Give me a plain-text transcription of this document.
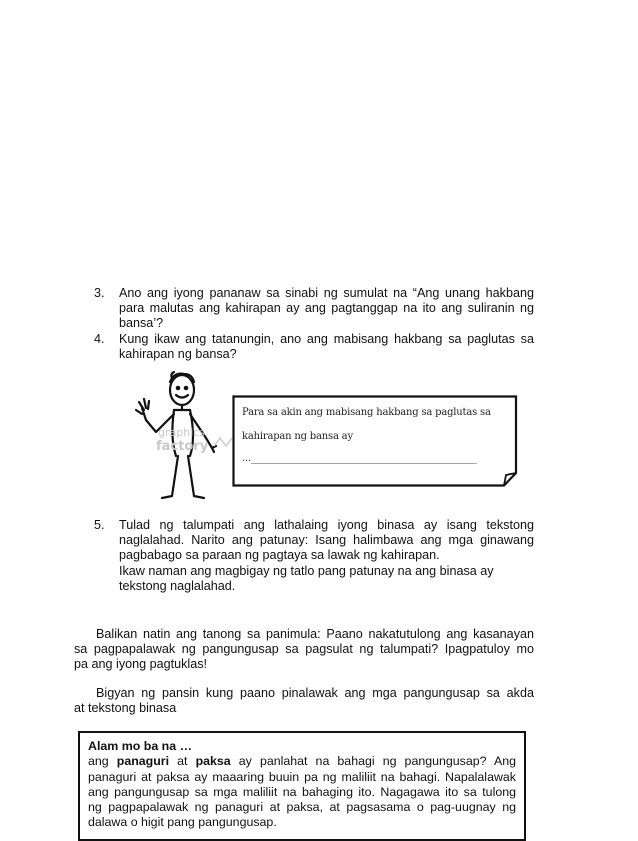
3.	Ano ang iyong pananaw sa sinabi ng sumulat na “Ang unang hakbang
para malutas ang kahirapan ay ang pagtanggap na ito ang suliranin ng
bansa’?
4.	Kung ikaw ang tatanungin, ano ang mabisang hakbang sa paglutas sa
kahirapan ng bansa?
graphics
factory
Para sa akin ang mabisang hakbang sa paglutas sa
kahirapan ng bansa ay
..._______________________________________________
5.	Tulad ng talumpati ang lathalaing iyong binasa ay isang tekstong
naglalahad. Narito ang patunay: Isang halimbawa ang mga ginawang
pagbabago sa paraan ng pagtaya sa lawak ng kahirapan.
Ikaw naman ang magbigay ng tatlo pang patunay na ang binasa ay
tekstong naglalahad.
Balikan natin ang tanong sa panimula: Paano nakatutulong ang kasanayan
sa pagpapalawak ng pangungusap sa pagsulat ng talumpati? Ipagpatuloy mo
pa ang iyong pagtuklas!
Bigyan ng pansin kung paano pinalawak ang mga pangungusap sa akda
at tekstong binasa
Alam mo ba na …
ang panaguri at paksa ay panlahat na bahagi ng pangungusap? Ang
panaguri at paksa ay maaaring buuin pa ng maliliit na bahagi. Napalalawak
ang pangungusap sa mga maliliit na bahaging ito. Nagagawa ito sa tulong
ng pagpapalawak ng panaguri at paksa, at pagsasama o pag-uugnay ng
dalawa o higit pang pangungusap.
